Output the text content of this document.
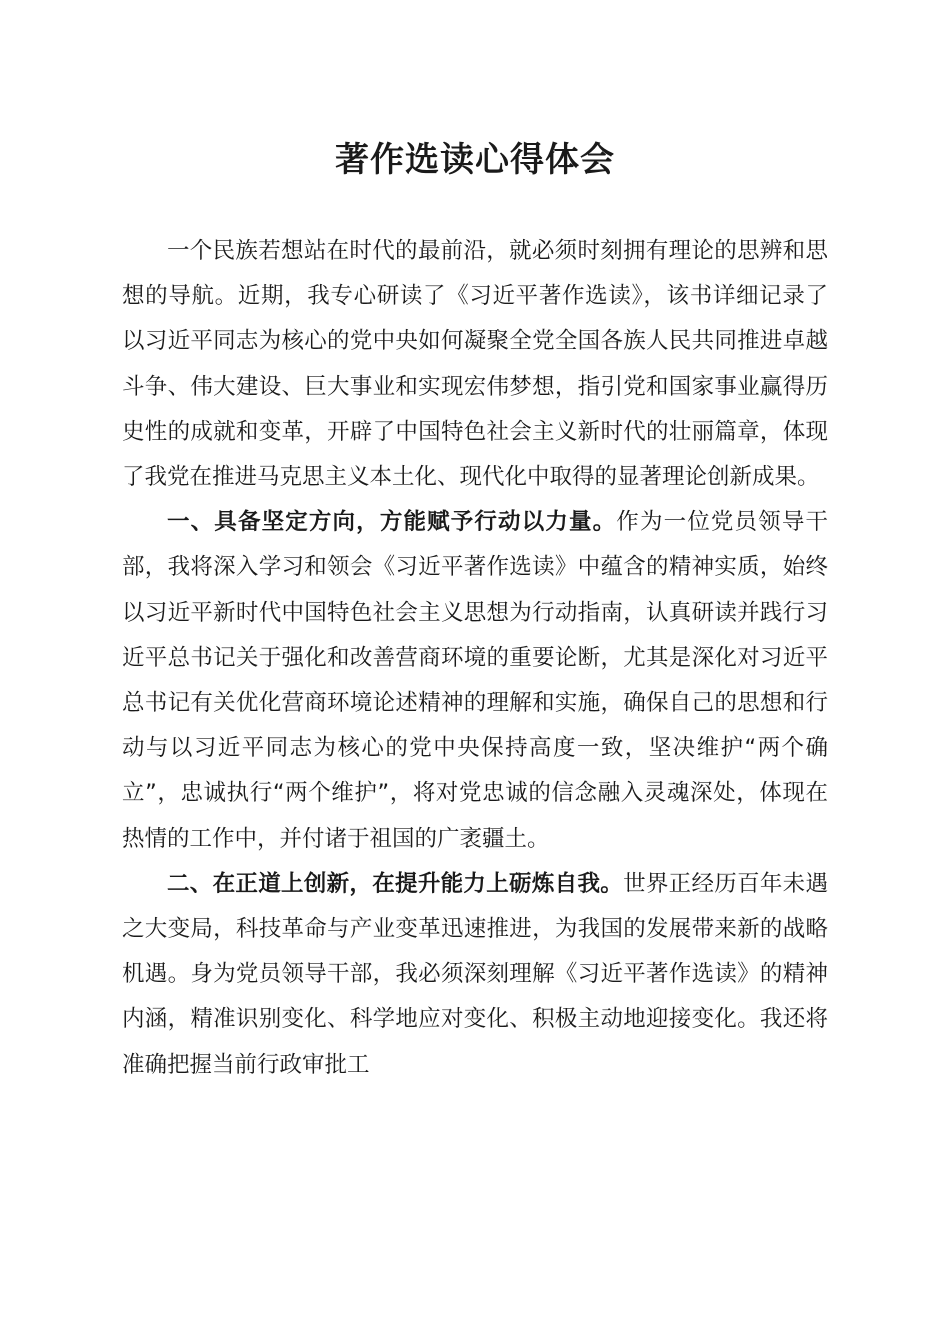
著作选读心得体会

一个民族若想站在时代的最前沿，就必须时刻拥有理论的思辨和思想的导航。近期，我专心研读了《习近平著作选读》，该书详细记录了以习近平同志为核心的党中央如何凝聚全党全国各族人民共同推进卓越斗争、伟大建设、巨大事业和实现宏伟梦想，指引党和国家事业赢得历史性的成就和变革，开辟了中国特色社会主义新时代的壮丽篇章，体现了我党在推进马克思主义本土化、现代化中取得的显著理论创新成果。

一、具备坚定方向，方能赋予行动以力量。作为一位党员领导干部，我将深入学习和领会《习近平著作选读》中蕴含的精神实质，始终以习近平新时代中国特色社会主义思想为行动指南，认真研读并践行习近平总书记关于强化和改善营商环境的重要论断，尤其是深化对习近平总书记有关优化营商环境论述精神的理解和实施，确保自己的思想和行动与以习近平同志为核心的党中央保持高度一致，坚决维护“两个确立”，忠诚执行“两个维护”，将对党忠诚的信念融入灵魂深处，体现在热情的工作中，并付诸于祖国的广袤疆土。

二、在正道上创新，在提升能力上砺炼自我。世界正经历百年未遇之大变局，科技革命与产业变革迅速推进，为我国的发展带来新的战略机遇。身为党员领导干部，我必须深刻理解《习近平著作选读》的精神内涵，精准识别变化、科学地应对变化、积极主动地迎接变化。我还将准确把握当前行政审批工
